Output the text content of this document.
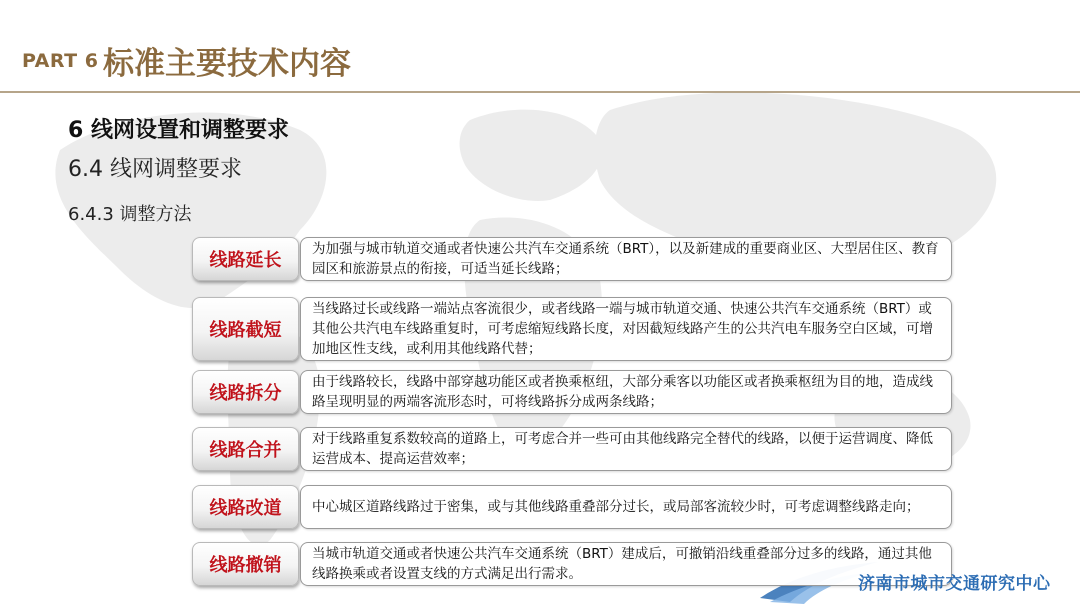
PART 6 标准主要技术内容
6 线网设置和调整要求
6.4 线网调整要求
6.4.3 调整方法
线路延长
为加强与城市轨道交通或者快速公共汽车交通系统（BRT），以及新建成的重要商业区、大型居住区、教育园区和旅游景点的衔接，可适当延长线路；
线路截短
当线路过长或线路一端站点客流很少，或者线路一端与城市轨道交通、快速公共汽车交通系统（BRT）或其他公共汽电车线路重复时，可考虑缩短线路长度，对因截短线路产生的公共汽电车服务空白区域，可增加地区性支线，或利用其他线路代替；
线路拆分
由于线路较长，线路中部穿越功能区或者换乘枢纽，大部分乘客以功能区或者换乘枢纽为目的地，造成线路呈现明显的两端客流形态时，可将线路拆分成两条线路；
线路合并
对于线路重复系数较高的道路上，可考虑合并一些可由其他线路完全替代的线路，以便于运营调度、降低运营成本、提高运营效率；
线路改道	中心城区道路线路过于密集，或与其他线路重叠部分过长，或局部客流较少时，可考虑调整线路走向；
线路撤销
当城市轨道交通或者快速公共汽车交通系统（BRT）建成后，可撤销沿线重叠部分过多的线路，通过其他线路换乘或者设置支线的方式满足出行需求。	济南市城市交通研究中心
